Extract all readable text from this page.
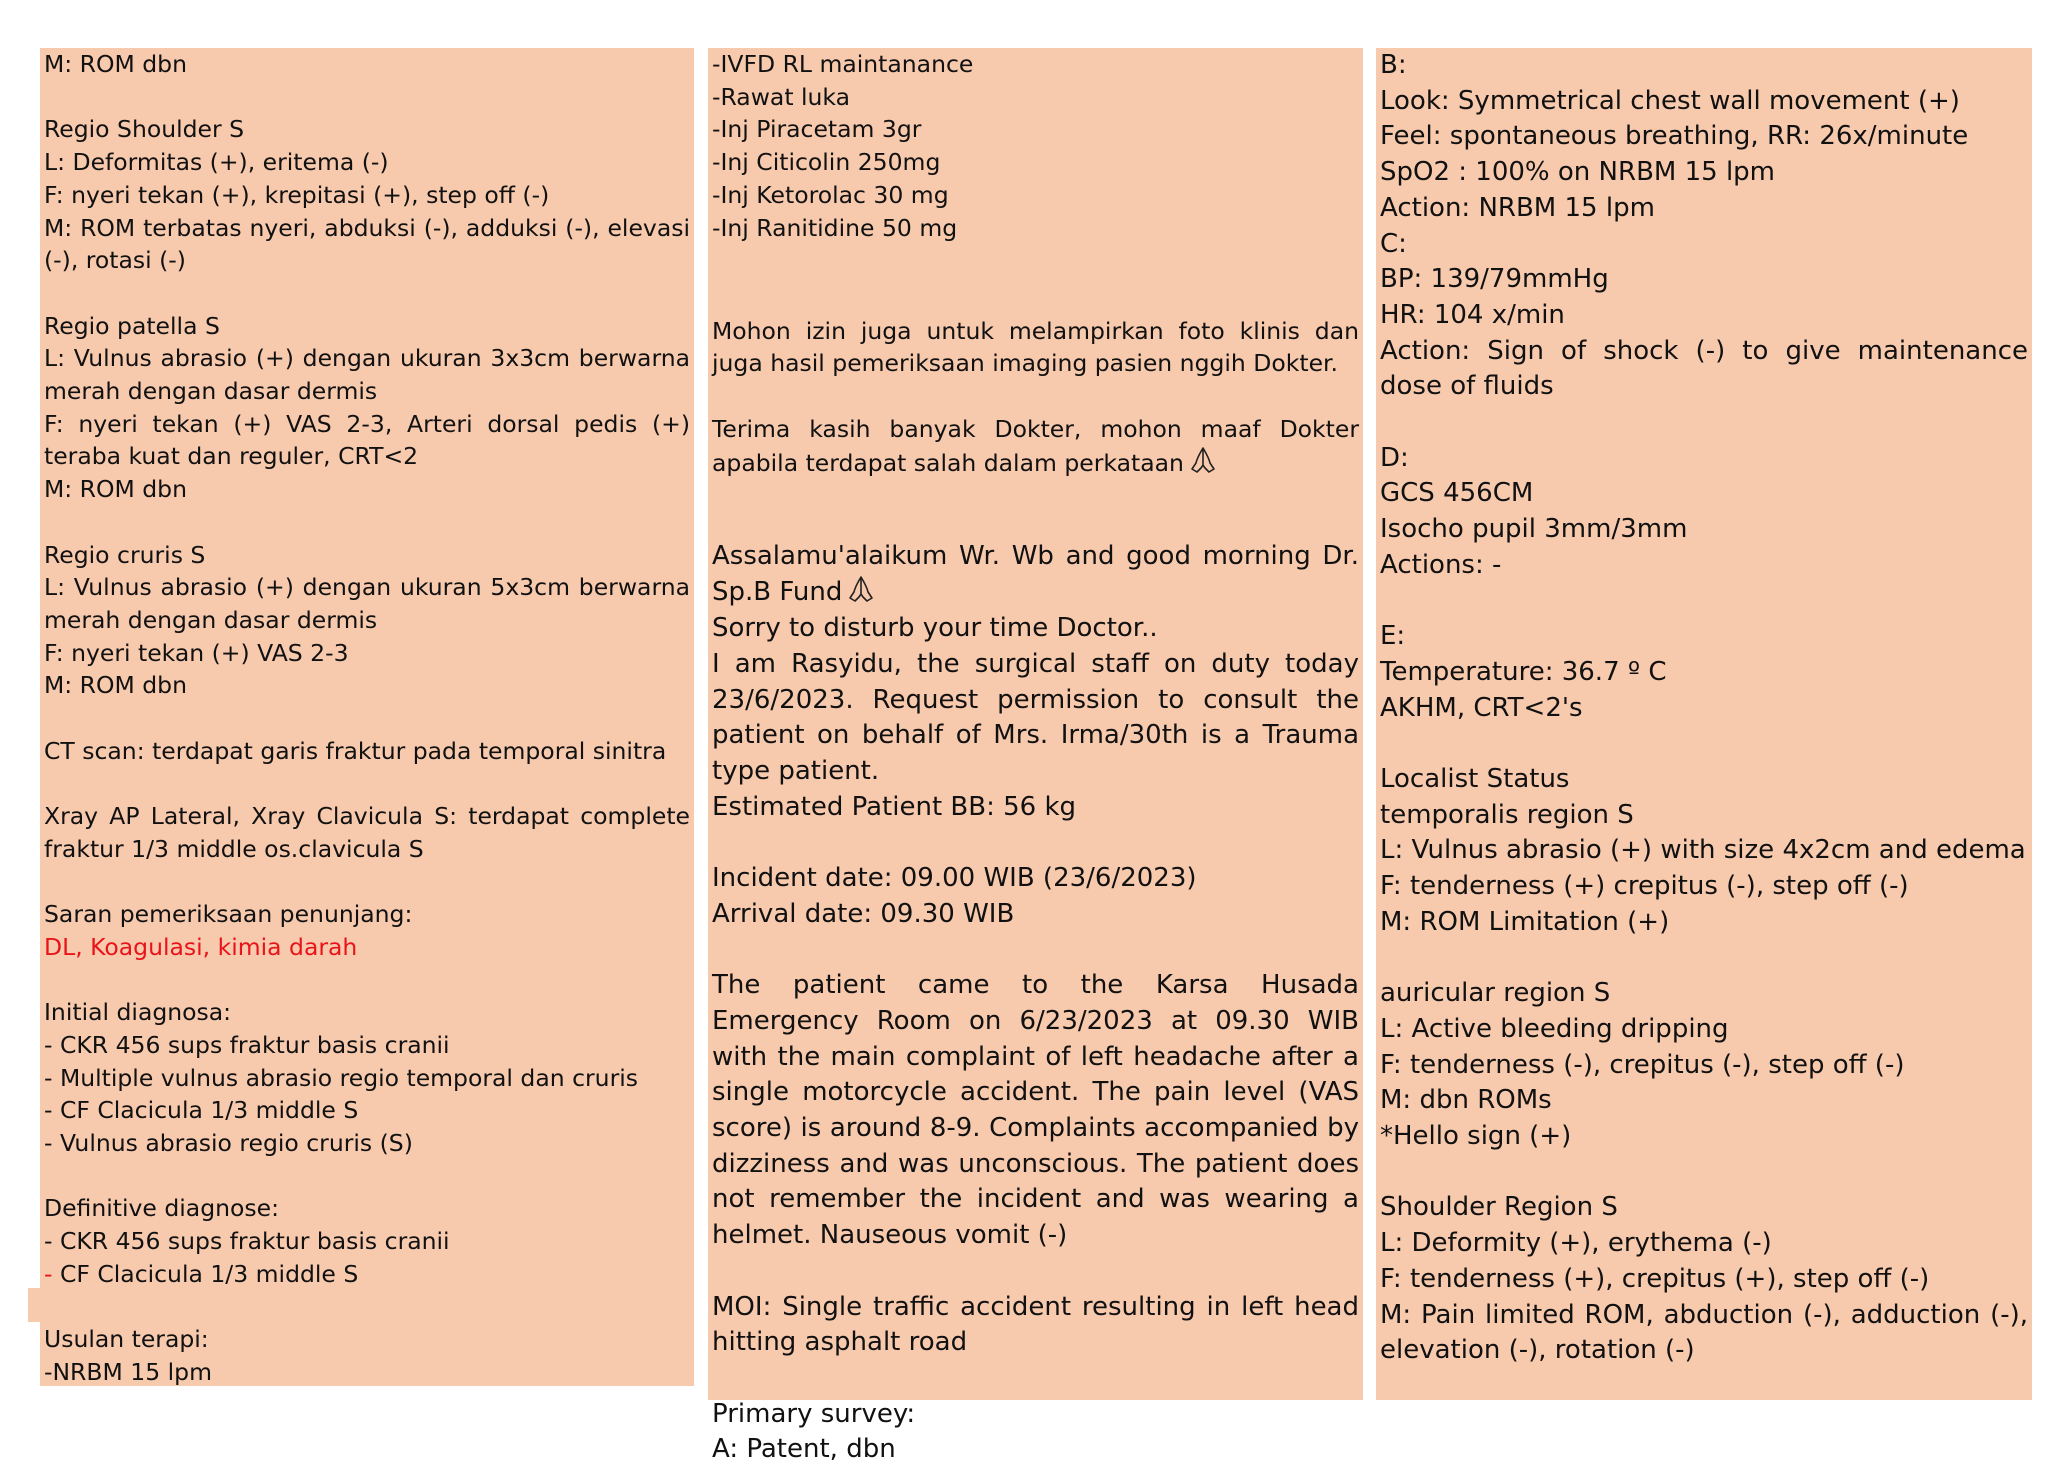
M: ROM dbn
Regio Shoulder S
L: Deformitas (+), eritema (-)
F: nyeri tekan (+), krepitasi (+), step off (-)
M: ROM terbatas nyeri, abduksi (-), adduksi (-), elevasi (-), rotasi (-)
Regio patella S
L: Vulnus abrasio (+) dengan ukuran 3x3cm berwarna merah dengan dasar dermis
F: nyeri tekan (+) VAS 2-3, Arteri dorsal pedis (+) teraba kuat dan reguler, CRT<2
M: ROM dbn
Regio cruris S
L: Vulnus abrasio (+) dengan ukuran 5x3cm berwarna merah dengan dasar dermis
F: nyeri tekan (+) VAS 2-3
M: ROM dbn
CT scan: terdapat garis fraktur pada temporal sinitra
Xray AP Lateral, Xray Clavicula S: terdapat complete fraktur 1/3 middle os.clavicula S
Saran pemeriksaan penunjang:
DL, Koagulasi, kimia darah
Initial diagnosa:
- CKR 456 sups fraktur basis cranii
- Multiple vulnus abrasio regio temporal dan cruris
- CF Clacicula 1/3 middle S
- Vulnus abrasio regio cruris (S)
Definitive diagnose:
- CKR 456 sups fraktur basis cranii
- CF Clacicula 1/3 middle S
Usulan terapi:
-NRBM 15 lpm
-IVFD RL maintanance
-Rawat luka
-Inj Piracetam 3gr
-Inj Citicolin 250mg
-Inj Ketorolac 30 mg
-Inj Ranitidine 50 mg
Mohon izin juga untuk melampirkan foto klinis dan juga hasil pemeriksaan imaging pasien nggih Dokter.
Terima kasih banyak Dokter, mohon maaf Dokter apabila terdapat salah dalam perkataan
Assalamu'alaikum Wr. Wb and good morning Dr. Sp.B Fund
Sorry to disturb your time Doctor..
I am Rasyidu, the surgical staff on duty today 23/6/2023. Request permission to consult the patient on behalf of Mrs. Irma/30th is a Trauma type patient.
Estimated Patient BB: 56 kg
Incident date: 09.00 WIB (23/6/2023)
Arrival date: 09.30 WIB
The patient came to the Karsa Husada Emergency Room on 6/23/2023 at 09.30 WIB with the main complaint of left headache after a single motorcycle accident. The pain level (VAS score) is around 8-9. Complaints accompanied by dizziness and was unconscious. The patient does not remember the incident and was wearing a helmet. Nauseous vomit (-)
MOI: Single traffic accident resulting in left head hitting asphalt road
Primary survey:
A: Patent, dbn
B:
Look: Symmetrical chest wall movement (+)
Feel: spontaneous breathing, RR: 26x/minute
SpO2 : 100% on NRBM 15 lpm
Action: NRBM 15 lpm
C:
BP: 139/79mmHg
HR: 104 x/min
Action: Sign of shock (-) to give maintenance dose of fluids
D:
GCS 456CM
Isocho pupil 3mm/3mm
Actions: -
E:
Temperature: 36.7 º C
AKHM, CRT<2's
Localist Status
temporalis region S
L: Vulnus abrasio (+) with size 4x2cm and edema
F: tenderness (+) crepitus (-), step off (-)
M: ROM Limitation (+)
auricular region S
L: Active bleeding dripping
F: tenderness (-), crepitus (-), step off (-)
M: dbn ROMs
*Hello sign (+)
Shoulder Region S
L: Deformity (+), erythema (-)
F: tenderness (+), crepitus (+), step off (-)
M: Pain limited ROM, abduction (-), adduction (-), elevation (-), rotation (-)
